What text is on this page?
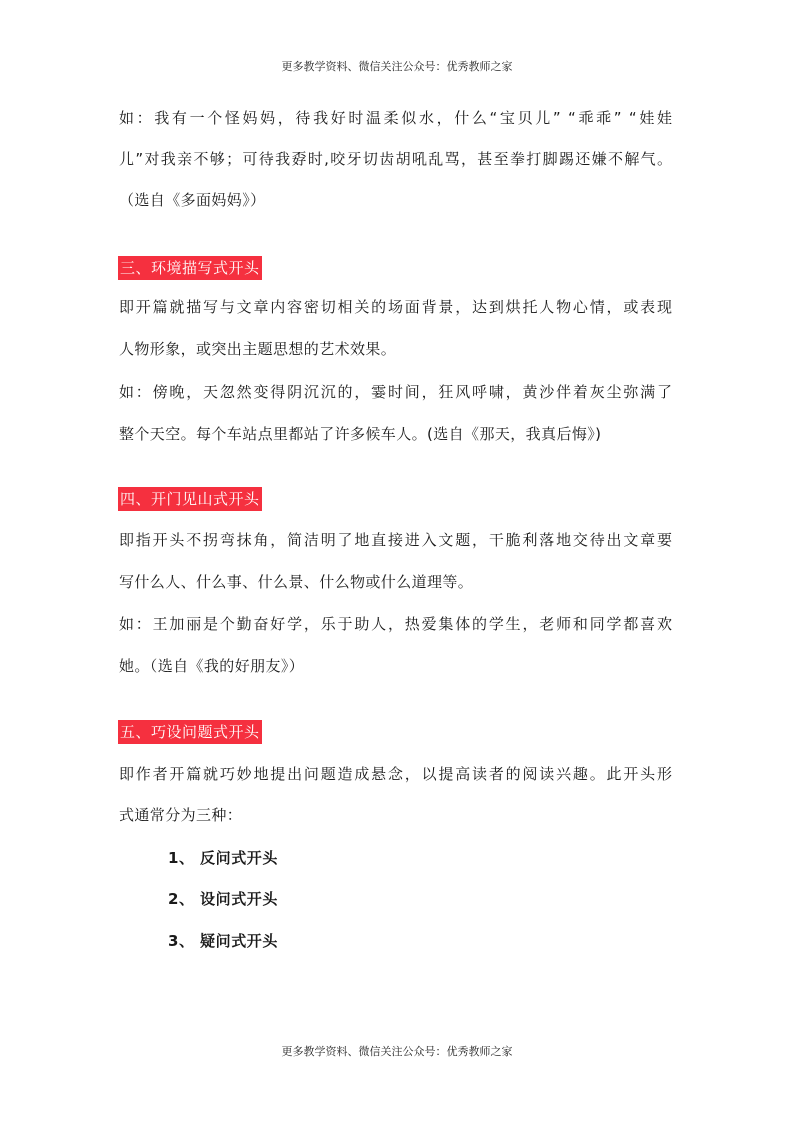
更多教学资料、微信关注公众号：优秀教师之家
如：我有一个怪妈妈，待我好时温柔似水，什么“宝贝儿” “乖乖” “娃娃
儿”对我亲不够；可待我孬时,咬牙切齿胡吼乱骂，甚至拳打脚踢还嫌不解气。
（选自《多面妈妈》）
三、环境描写式开头
即开篇就描写与文章内容密切相关的场面背景，达到烘托人物心情，或表现
人物形象，或突出主题思想的艺术效果。
如：傍晚，天忽然变得阴沉沉的，霎时间，狂风呼啸，黄沙伴着灰尘弥满了
整个天空。每个车站点里都站了许多候车人。(选自《那天，我真后悔》)
四、开门见山式开头
即指开头不拐弯抹角，简洁明了地直接进入文题，干脆利落地交待出文章要
写什么人、什么事、什么景、什么物或什么道理等。
如：王加丽是个勤奋好学，乐于助人，热爱集体的学生，老师和同学都喜欢
她。（选自《我的好朋友》）
五、巧设问题式开头
即作者开篇就巧妙地提出问题造成悬念，以提高读者的阅读兴趣。此开头形
式通常分为三种：
1、 反问式开头
2、 设问式开头
3、 疑问式开头
更多教学资料、微信关注公众号：优秀教师之家
